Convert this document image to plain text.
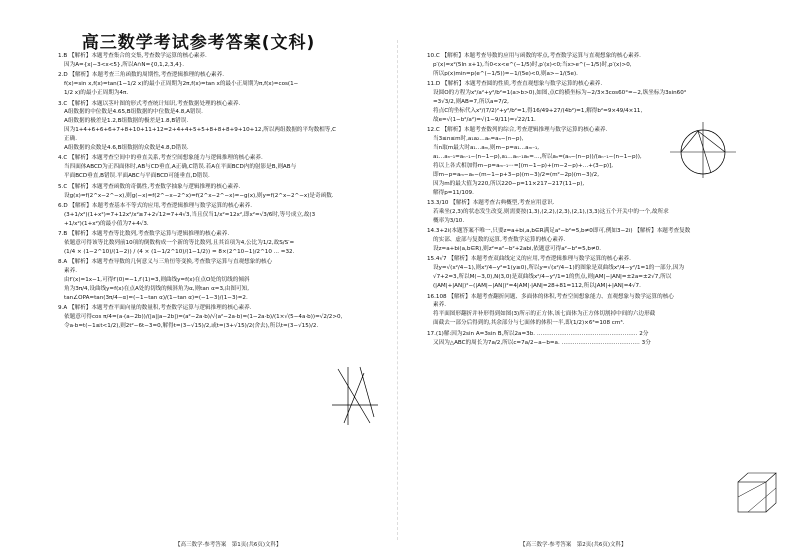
高三数学考试参考答案(文科)
1.B 【解析】本题考查集合的交集,考查数学运算的核心素养.
因为A={x|−3<x<5},所以A∩N={0,1,2,3,4}.
2.D 【解析】本题考查三角函数的周期性,考查逻辑推理的核心素养.
f(x)=sin x,f(x)=tan(1−1/2 x)的最小正周期为2π,f(x)=tan x的最小正周期为π,f(x)=cos(1−
1/2 x)的最小正周期为4π.
3.C 【解析】本题以茎叶图的形式考查统计知识,考查数据处理的核心素养.
A组数据的中位数是4.65,B组数据的中位数是4.8,A错误.
A组数据的极差是1.2,B组数据的极差是1.8,B错误.
因为1+4+6+6+6+7+8+10+11+12=2+4+4+5+5+8+8+8+9+10+12,所以两组数据的平均数相等,C
正确.
A组数据的众数是4.6,B组数据的众数是4.8,D错误.
4.C 【解析】本题考查空间中的垂直关系,考查空间想象能力与逻辑推理的核心素养.
当四面体ABCD为正四面体时,AB与CD垂直,A正确,C错误.若A在平面BCD内的射影是B,则AB与
平面BCD垂直,B错误.平面ABC与平面BCD可能垂直,D错误.
5.C 【解析】本题考查函数的奇偶性,考查数学抽象与逻辑推理的核心素养.
设g(x)=f(2^x−2^−x),则g(−x)=f(2^−x−2^x)=f(2^x−2^−x)=−g(x),则y=f(2^x−2^−x)是奇函数.
6.D 【解析】本题考查基本不等式的应用,考查逻辑推理与数学运算的核心素养.
(3+1/x²)(1+x²)=7+12x²/x²≥7+2√12=7+4√3,当且仅当1/x²=12x²,即x²=√3/6时,等号成立,故(3
+1/x²)(1+x²)的最小值为7+4√3.
7.B 【解析】本题考查等比数列,考查数学运算与逻辑推理的核心素养.
依题意可得该等比数列前10项的倒数构成一个新的等比数列,且其首项为4,公比为1/2,故S/S′=
(1/4 × (1−2^10)/(1−2)) / (4 × (1−1/2^10)/(1−1/2)) = 8×(2^10−1)/2^10 ... =32.
8.A 【解析】本题考查导数的几何意义与三角恒等变换,考查数学运算与直观想象的核心
素养.
由f′(x)=1x−1,可得f′(0)=−1,f′(1)=3,则曲线y=f(x)在点O处的切线的倾斜
角为3π/4,设曲线y=f(x)在点A处的切线的倾斜角为α,则tan α=3,由图可知,
tan∠OPA=tan(3π/4−α)=(−1−tan α)/(1−tan α)=(−1−3)/(1−3)=2.
9.A 【解析】本题考查平面向量的数量积,考查数学运算与逻辑推理的核心素养.
依题意可得cos π/4=(a·(a−2b))/(|a||a−2b|)=(a²−2a·b)/√(a²−2a·b)=(1−2a·b)/(1×√(5−4a·b))=√2/2>0,
令a·b=t(−1≤t<1/2),则2t²−6t−3=0,解得t=(3−√15)/2,或t=(3+√15)/2(舍去),所以t=(3−√15)/2.
10.C 【解析】本题考查导数的应用与函数的零点,考查数学运算与直观想象的核心素养.
p′(x)=x²(5ln x+1),当0<x<e^(−1/5)时,p′(x)<0;当x>e^(−1/5)时,p′(x)>0,
所以p(x)min=p(e^(−1/5))=−1/(5e)<0,则a>−1/(5e).
11.D 【解析】本题考查圆的性质,考查直观想象与数学运算的核心素养.
设圆O的方程为x²/a²+y²/b²=1(a>b>0),如图,点C的横坐标为−2/3×3cos60°=−2,纵坐标为3sin60°
=3√3/2,则AB=7,所以a=7/2,
将点C的坐标代入x²/(7/2)²+y²/b²=1,得16/49+27/(4b²)=1,解得b²=9×49/4×11,
故e=√(1−b²/a²)=√(1−9/11)=√22/11.
12.C 【解析】本题考查数列的综合,考查逻辑推理与数学运算的核心素养.
当3≤n≤m时,a₁a₂…aₙ=aₙ−(n−p),
当n取m最大时a₁…aₘ,则m−p=a₁…aₘ₋₁,
a₁…aₙ₋₁=aₙ₋₁−(n−1−p),a₁…aₙ₋₁aₙ=…,所以aₙ=(aₙ−(n−p))/(aₙ₋₁−(n−1−p)),
将以上各式相加得m−p=aₘ₋₁⋯=[(m−1−p)+(m−2−p)+…+(3−p)],
即m−p=aₘ−aₙ−(m−1−p+3−p)(m−3)/2=(m²−2p)(m−3)/2,
因为m的最大值为220,所以220−p=11×217−217(11−p),
解得p=11/109.
13.3/10 【解析】本题考查古典概型,考查应用意识.
若乘坐(2,3)的状态发生改变,则需要按(1,3),(2,2),(2,3),(2,1),(3,3)这五个开关中的一个,故所求
概率为3/10.
14.3+2i(本题答案不唯一,只要z=a+bi,a,b∈R满足a²−b²=5,b≠0即可,例如3−2i) 【解析】本题考查复数
的实部、虚部与复数的运算,考查数学运算的核心素养.
设z=a+bi(a,b∈R),则z²=a²−b²+2abi,依题意可得a²−b²=5,b≠0.
15.4√7 【解析】本题考查双曲线定义的应用,考查逻辑推理与数学运算的核心素养.
设y=√(x²/4−1),则x²/4−y²=1(y≥0),所以y=√(x²/4−1)的图象是双曲线x²/4−y²/1=1的一部分,因为
√7+2=3,所以M(−3,0),N(3,0)是双曲线x²/4−y²/1=1的焦点,则|AM|−|AN|=±2a=±2√7,所以
(|AM|+|AN|)²−(|AM|−|AN|)²=4|AM|·|AN|=28+81=112,所以|AM|+|AN|=4√7.
16.108 【解析】本题考查翻折问题、多面体的体积,考查空间想象能力、直观想象与数学运算的核心
素养.
将平面图形翻折并补形得到如图(3)所示的正方体,该七面体为正方体切割掉中间的六边形截
面截去一部分后得到的,其余部分与七面体的体积一半,即(1/2)×6³=108 cm³.
17.(1)解:因为2sin A=3sin B,所以2a=3b. ……………………………………………… 2分
又因为△ABC的周长为7a/2,所以c=7a/2−a−b=a. …………………………………… 3分
【高三数学·参考答案　第1页(共6页)文科】	【高三数学·参考答案　第2页(共6页)文科】
